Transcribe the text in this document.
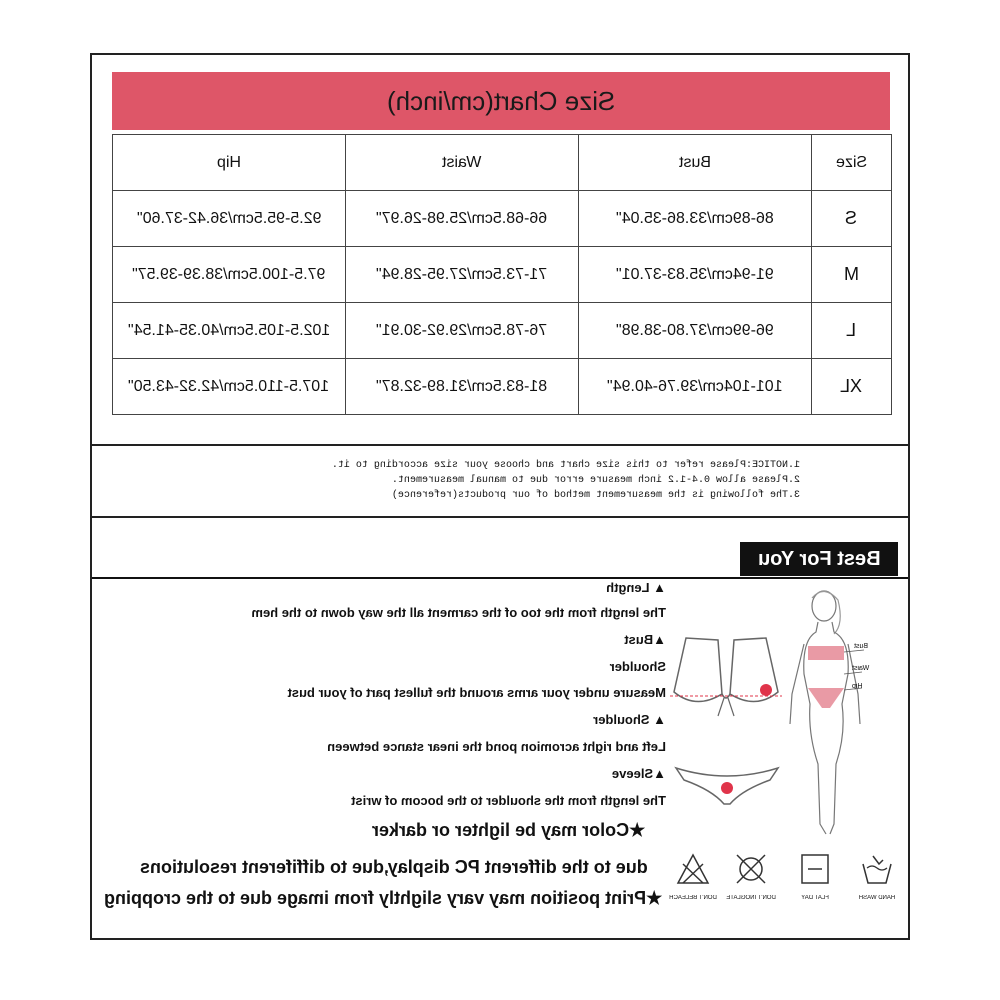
Size Chart(cm/inch)
Hip	Waist	Bust	Size
92.5-95.5cm/36.42-37.60"	66-68.5cm/25.98-26.97"	86-89cm/33.86-35.04"	S
97.5-100.5cm/38.39-39.57"	71-73.5cm/27.95-28.94"	91-94cm/35.83-37.01"	M
102.5-105.5cm/40.35-41.54"	76-78.5cm/29.92-30.91"	96-99cm/37.80-38.98"	L
107.5-110.5cm/42.32-43.50"	81-83.5cm/31.89-32.87"	101-104cm/39.76-40.94"	XL
1.NOTICE:Please refer to this size chart and choose your size according to it.
2.Please allow 0.4-1.2 inch measure error due to manual measurement.
3.The following is the measurement method of our products(reference)
Best For You
▲ Length
The length from the too of the carment all the way down to the hem
▲Bust
Shoulder
Measure under your arms around the fullest part of your bust
▲ Shoulder
Left and right acromion pond the inear stance between
▲Sleeve
The length from the shoulder to the bocom of wrist
★Color may be lighter or darker
due to the different PC display,due to diffiferent resolutions
★Print position may vary slightly from image due to the cropping
Bust
Waist
Hip
DON'T BELEACH DON'T INOGLATE	FLAT DAY	HAND WASH
